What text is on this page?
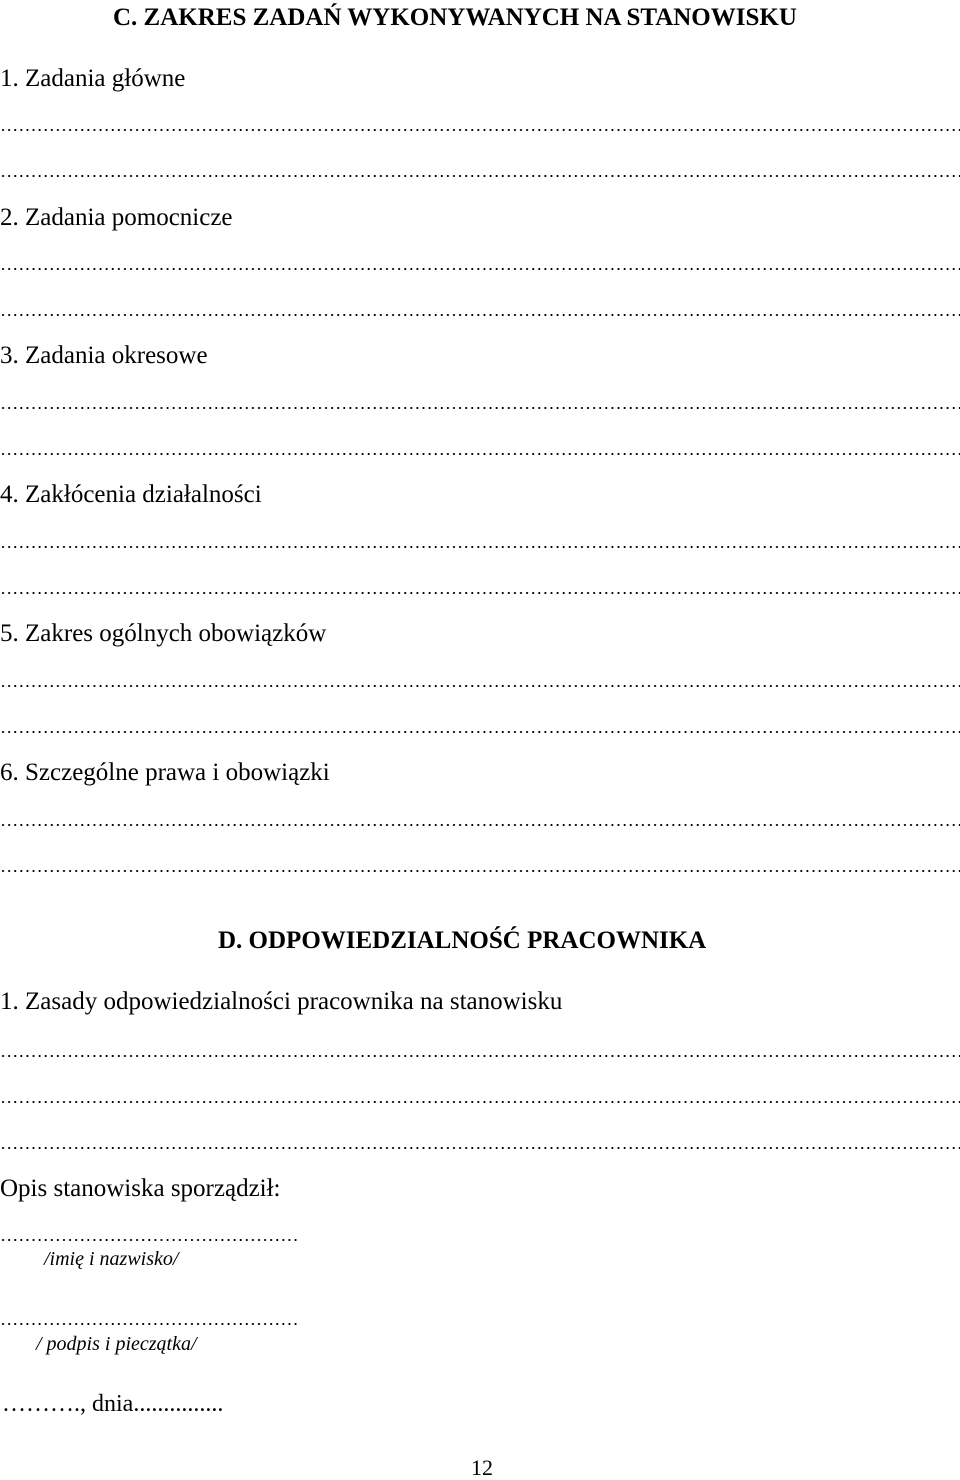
C. ZAKRES ZADAŃ WYKONYWANYCH NA STANOWISKU
1. Zadania główne
2. Zadania pomocnicze
3. Zadania okresowe
4. Zakłócenia działalności
5. Zakres ogólnych obowiązków
6. Szczególne prawa i obowiązki
D. ODPOWIEDZIALNOŚĆ PRACOWNIKA
1. Zasady odpowiedzialności pracownika na stanowisku
Opis stanowiska sporządził:
/imię i nazwisko/
/ podpis i pieczątka/
………., dnia...............
12
